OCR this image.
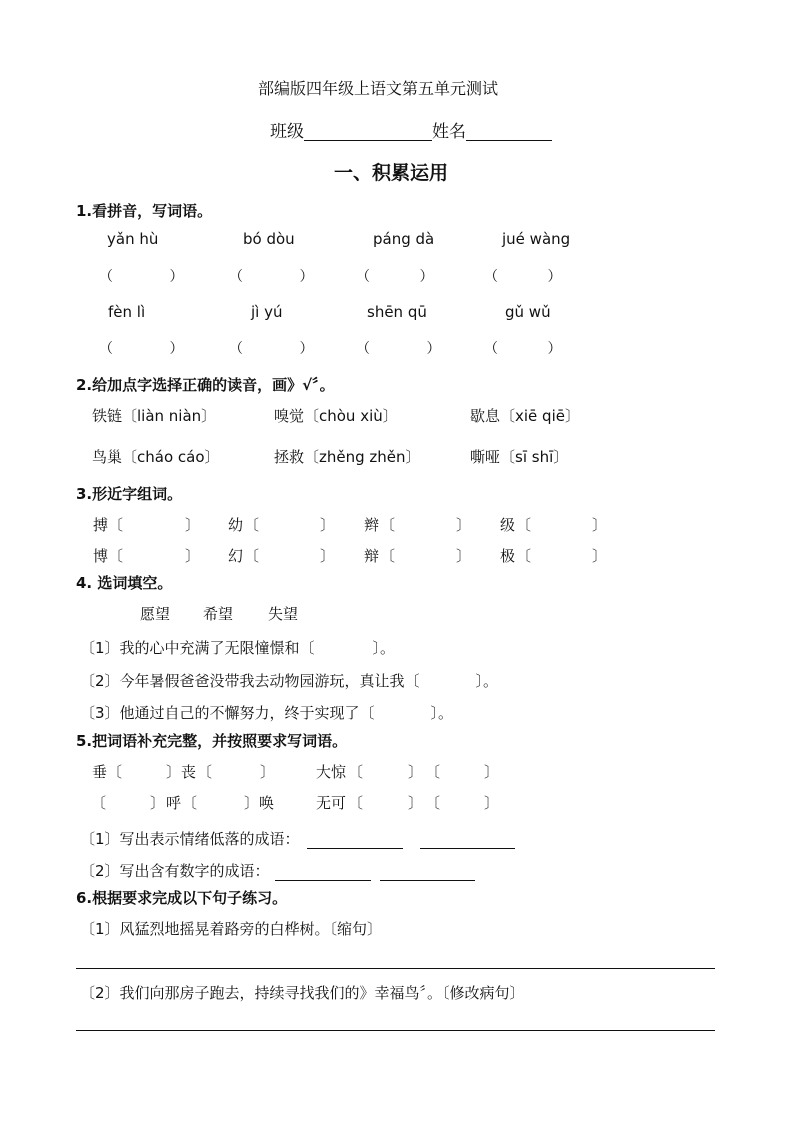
部编版四年级上语文第五单元测试
班级	姓名
一、积累运用
1.看拼音，写词语。
yǎn hù	bó dòu	páng dà	jué wàng
（ ）	（ ）	（ ）	（ ）
fèn lì	jì yú	shēn qū	gǔ wǔ
（ ）	（ ）	（ ）	（ ）
2.给加点字选择正确的读音，画》√〞。
铁链〔liàn niàn〕	嗅觉〔chòu xiù〕	歇息〔xiē qiē〕
鸟巢〔cháo cáo〕	拯救〔zhěng zhěn〕	嘶哑〔sī shī〕
3.形近字组词。
搏 〔	〕 幼 〔	〕 辫 〔	〕 级 〔	〕
博 〔	〕 幻 〔	〕 辩 〔	〕 极 〔	〕
4. 选词填空。
愿望 希望 失望
〔1〕我的心中充满了无限憧憬和〔	〕。
〔2〕今年暑假爸爸没带我去动物园游玩，真让我〔	〕。
〔3〕他通过自己的不懈努力，终于实现了〔	〕。
5.把词语补充完整，并按照要求写词语。
垂 〔	〕 丧 〔	〕	大惊 〔	〕 〔	〕
〔	〕 呼 〔	〕 唤	无可 〔	〕 〔	〕
〔1〕写出表示情绪低落的成语：
〔2〕写出含有数字的成语：
6.根据要求完成以下句子练习。
〔1〕风猛烈地摇晃着路旁的白桦树。〔缩句〕
〔2〕我们向那房子跑去，持续寻找我们的》幸福鸟〞。〔修改病句〕
